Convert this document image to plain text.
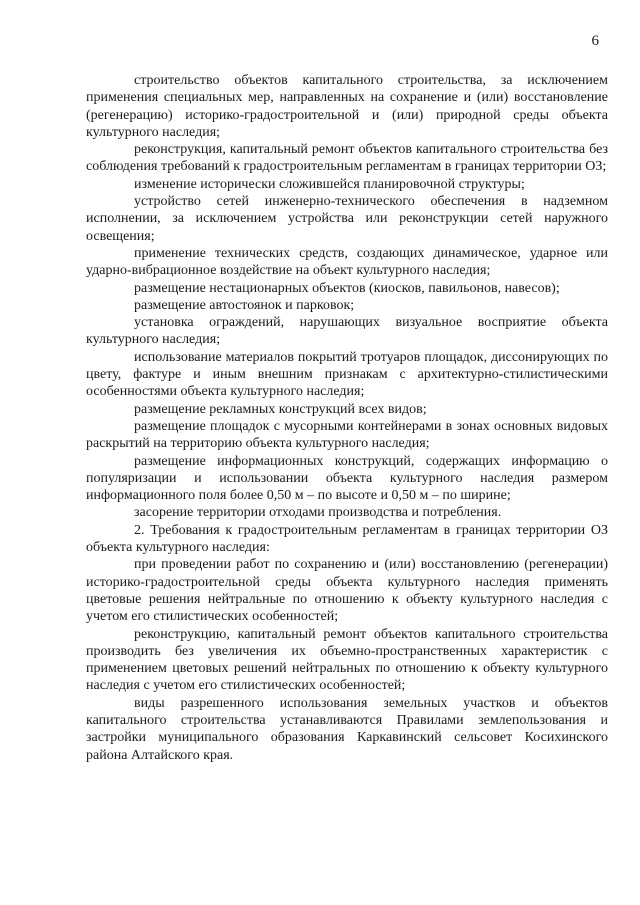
6

строительство объектов капитального строительства, за исключением применения специальных мер, направленных на сохранение и (или) восстановление (регенерацию) историко-градостроительной и (или) природной среды объекта культурного наследия;

реконструкция, капитальный ремонт объектов капитального строительства без соблюдения требований к градостроительным регламентам в границах территории ОЗ;

изменение исторически сложившейся планировочной структуры;

устройство сетей инженерно-технического обеспечения в надземном исполнении, за исключением устройства или реконструкции сетей наружного освещения;

применение технических средств, создающих динамическое, ударное или ударно-вибрационное воздействие на объект культурного наследия;

размещение нестационарных объектов (киосков, павильонов, навесов);

размещение автостоянок и парковок;

установка ограждений, нарушающих визуальное восприятие объекта культурного наследия;

использование материалов покрытий тротуаров площадок, диссонирующих по цвету, фактуре и иным внешним признакам с архитектурно-стилистическими особенностями объекта культурного наследия;

размещение рекламных конструкций всех видов;

размещение площадок с мусорными контейнерами в зонах основных видовых раскрытий на территорию объекта культурного наследия;

размещение информационных конструкций, содержащих информацию о популяризации и использовании объекта культурного наследия размером информационного поля более 0,50 м – по высоте и 0,50 м – по ширине;

засорение территории отходами производства и потребления.

2. Требования к градостроительным регламентам в границах территории ОЗ объекта культурного наследия:

при проведении работ по сохранению и (или) восстановлению (регенерации) историко-градостроительной среды объекта культурного наследия применять цветовые решения нейтральные по отношению к объекту культурного наследия с учетом его стилистических особенностей;

реконструкцию, капитальный ремонт объектов капитального строительства производить без увеличения их объемно-пространственных характеристик с применением цветовых решений нейтральных по отношению к объекту культурного наследия с учетом его стилистических особенностей;

виды разрешенного использования земельных участков и объектов капитального строительства устанавливаются Правилами землепользования и застройки муниципального образования Каркавинский сельсовет Косихинского района Алтайского края.
